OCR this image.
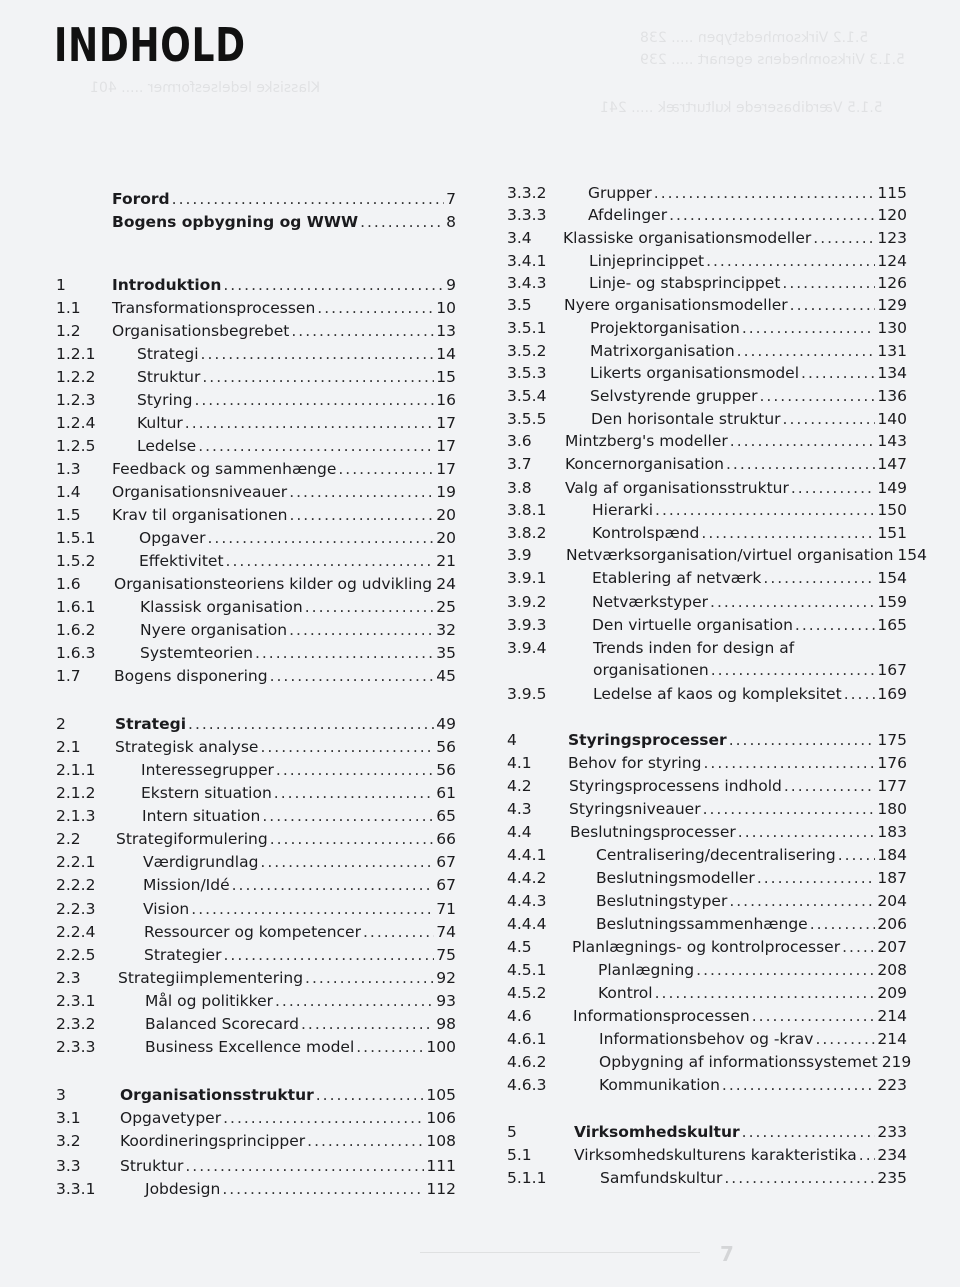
5.1.2 Virksomhedstypen ..... 238
5.1.3 Virksomhedens egenart ..... 239
Klassiske ledelsesformer ..... 401
5.1.5 Værdibaserede kulturtræk ..... 241
INDHOLD
Forord .....	7
Bogens opbygning og WWW .....	8
1	Introduktion .....	9
1.1 Transformationsprocessen .....	10
1.2 Organisationsbegrebet .....	13
1.2.1	Strategi .....	14
1.2.2	Struktur .....	15
1.2.3	Styring .....	16
1.2.4	Kultur .....	17
1.2.5	Ledelse .....	17
1.3 Feedback og sammenhænge .....	17
1.4 Organisationsniveauer .....	19
1.5 Krav til organisationen .....	20
1.5.1	Opgaver .....	20
1.5.2	Effektivitet .....	21
1.6 Organisationsteoriens kilder og udvikling ..... 24
1.6.1	Klassisk organisation .....	25
1.6.2	Nyere organisation .....	32
1.6.3	Systemteorien .....	35
1.7 Bogens disponering .....	45
2	Strategi .....	49
2.1 Strategisk analyse .....	56
2.1.1	Interessegrupper .....	56
2.1.2	Ekstern situation .....	61
2.1.3	Intern situation .....	65
2.2 Strategiformulering .....	66
2.2.1	Værdigrundlag .....	67
2.2.2	Mission/Idé .....	67
2.2.3	Vision .....	71
2.2.4	Ressourcer og kompetencer .....	74
2.2.5	Strategier .....	75
2.3 Strategiimplementering .....	92
2.3.1	Mål og politikker .....	93
2.3.2	Balanced Scorecard .....	98
2.3.3	Business Excellence model .....	100
3	Organisationsstruktur .....	105
3.1	Opgavetyper .....	106
3.2	Koordineringsprincipper .....	108
3.3	Struktur .....	111
3.3.1	Jobdesign .....	112
3.3.2	Grupper .....	115
3.3.3	Afdelinger .....	120
3.4 Klassiske organisationsmodeller .....	123
3.4.1	Linjeprincippet .....	124
3.4.3	Linje- og stabsprincippet .....	126
3.5 Nyere organisationsmodeller .....	129
3.5.1	Projektorganisation .....	130
3.5.2	Matrixorganisation .....	131
3.5.3	Likerts organisationsmodel .....	134
3.5.4	Selvstyrende grupper .....	136
3.5.5	Den horisontale struktur .....	140
3.6 Mintzberg's modeller .....	143
3.7 Koncernorganisation .....	147
3.8 Valg af organisationsstruktur .....	149
3.8.1	Hierarki .....	150
3.8.2	Kontrolspænd .....	151
3.9 Netværksorganisation/virtuel organisation 154
3.9.1	Etablering af netværk .....	154
3.9.2	Netværkstyper .....	159
3.9.3	Den virtuelle organisation .....	165
3.9.4	Trends inden for design af
organisationen .....	167
3.9.5	Ledelse af kaos og kompleksitet ..... 169
4	Styringsprocesser .....	175
4.1 Behov for styring .....	176
4.2 Styringsprocessens indhold .....	177
4.3 Styringsniveauer .....	180
4.4 Beslutningsprocesser .....	183
4.4.1	Centralisering/decentralisering .....	184
4.4.2	Beslutningsmodeller .....	187
4.4.3	Beslutningstyper .....	204
4.4.4	Beslutningssammenhænge .....	206
4.5	Planlægnings- og kontrolprocesser ..... 207
4.5.1	Planlægning .....	208
4.5.2	Kontrol .....	209
4.6	Informationsprocessen .....	214
4.6.1	Informationsbehov og -krav .....	214
4.6.2	Opbygning af informationssystemet 219
4.6.3	Kommunikation .....	223
5	Virksomhedskultur .....	233
5.1	Virksomhedskulturens karakteristika ..... 234
5.1.1	Samfundskultur .....	235
7
